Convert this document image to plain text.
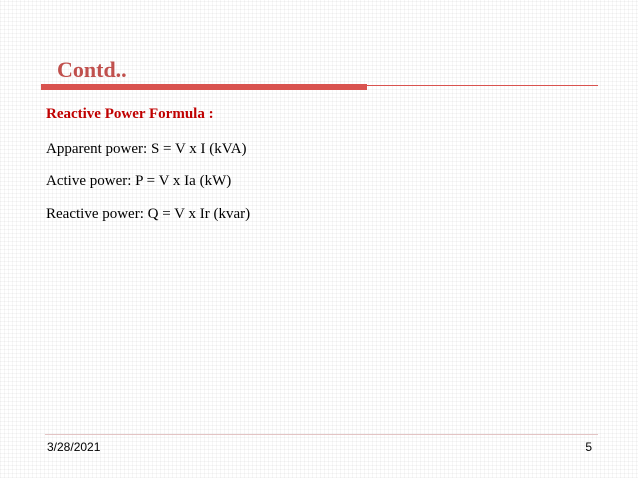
Contd..
Reactive Power Formula :
Apparent power: S = V x I (kVA)
Active power: P = V x Ia (kW)
Reactive power: Q = V x Ir (kvar)
3/28/2021	5
